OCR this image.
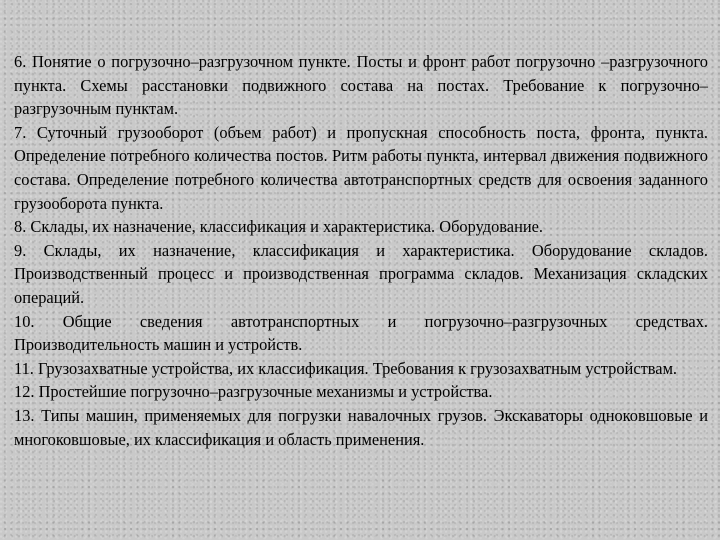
6. Понятие о погрузочно–разгрузочном пункте. Посты и фронт работ погрузочно –разгрузочного пункта. Схемы расстановки подвижного состава на постах. Требование к погрузочно–разгрузочным пунктам.

7. Суточный грузооборот (объем работ) и пропускная способность поста, фронта, пункта. Определение потребного количества постов. Ритм работы пункта, интервал движения подвижного состава. Определение потребного количества автотранспортных средств для освоения заданного грузооборота пункта.

8. Склады, их назначение, классификация и характеристика. Оборудование.

9. Склады, их назначение, классификация и характеристика. Оборудование складов. Производственный процесс и производственная программа складов. Механизация складских операций.

10. Общие сведения автотранспортных и погрузочно–разгрузочных средствах. Производительность машин и устройств.

11. Грузозахватные устройства, их классификация. Требования к грузозахватным устройствам.

12. Простейшие погрузочно–разгрузочные механизмы и устройства.

13. Типы машин, применяемых для погрузки навалочных грузов. Экскаваторы одноковшовые и многоковшовые, их классификация и область применения.
